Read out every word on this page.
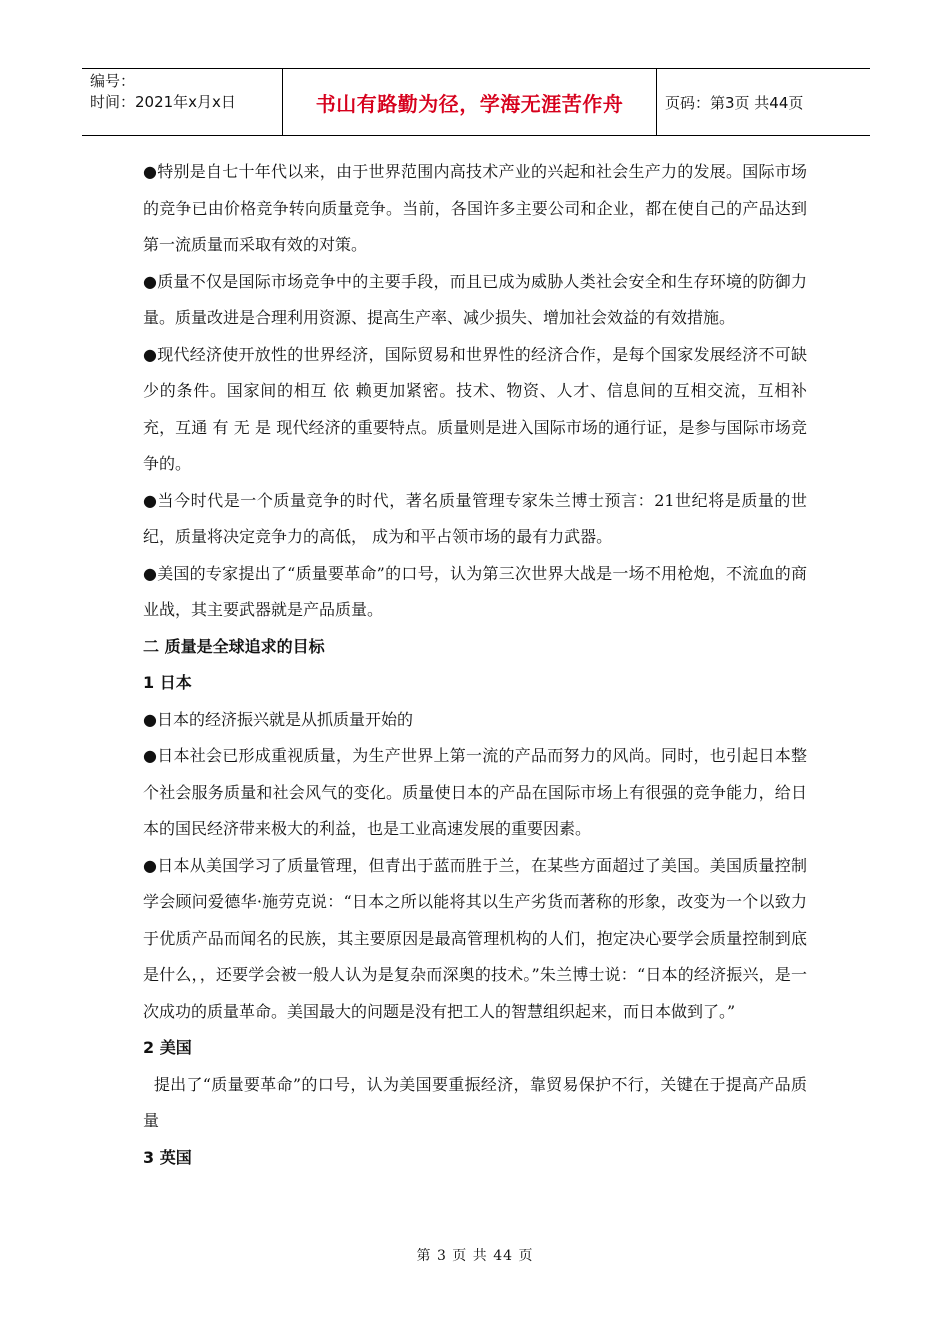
编号：
时间：2021年x月x日	书山有路勤为径，学海无涯苦作舟	页码：第3页 共44页

●特别是自七十年代以来，由于世界范围内高技术产业的兴起和社会生产力的发展。国际市场的竞争已由价格竞争转向质量竞争。当前，各国许多主要公司和企业，都在使自己的产品达到第一流质量而采取有效的对策。

●质量不仅是国际市场竞争中的主要手段，而且已成为威胁人类社会安全和生存环境的防御力量。质量改进是合理利用资源、提高生产率、减少损失、增加社会效益的有效措施。

●现代经济使开放性的世界经济，国际贸易和世界性的经济合作，是每个国家发展经济不可缺少的条件。国家间的相互 依 赖更加紧密。技术、物资、人才、信息间的互相交流，互相补充，互通 有 无 是 现代经济的重要特点。质量则是进入国际市场的通行证，是参与国际市场竞争的。

●当今时代是一个质量竞争的时代，著名质量管理专家朱兰博士预言：21世纪将是质量的世纪，质量将决定竞争力的高低， 成为和平占领市场的最有力武器。

●美国的专家提出了“质量要革命”的口号，认为第三次世界大战是一场不用枪炮，不流血的商业战，其主要武器就是产品质量。

二 质量是全球追求的目标

1 日本

●日本的经济振兴就是从抓质量开始的

●日本社会已形成重视质量，为生产世界上第一流的产品而努力的风尚。同时，也引起日本整个社会服务质量和社会风气的变化。质量使日本的产品在国际市场上有很强的竞争能力，给日本的国民经济带来极大的利益，也是工业高速发展的重要因素。

●日本从美国学习了质量管理，但青出于蓝而胜于兰，在某些方面超过了美国。美国质量控制学会顾问爱德华·施劳克说：“日本之所以能将其以生产劣货而著称的形象，改变为一个以致力于优质产品而闻名的民族，其主要原因是最高管理机构的人们，抱定决心要学会质量控制到底是什么，，还要学会被一般人认为是复杂而深奥的技术。”朱兰博士说：“日本的经济振兴，是一次成功的质量革命。美国最大的问题是没有把工人的智慧组织起来，而日本做到了。”

2 美国

提出了“质量要革命”的口号，认为美国要重振经济，靠贸易保护不行，关键在于提高产品质量

3 英国

第 3 页 共 44 页
